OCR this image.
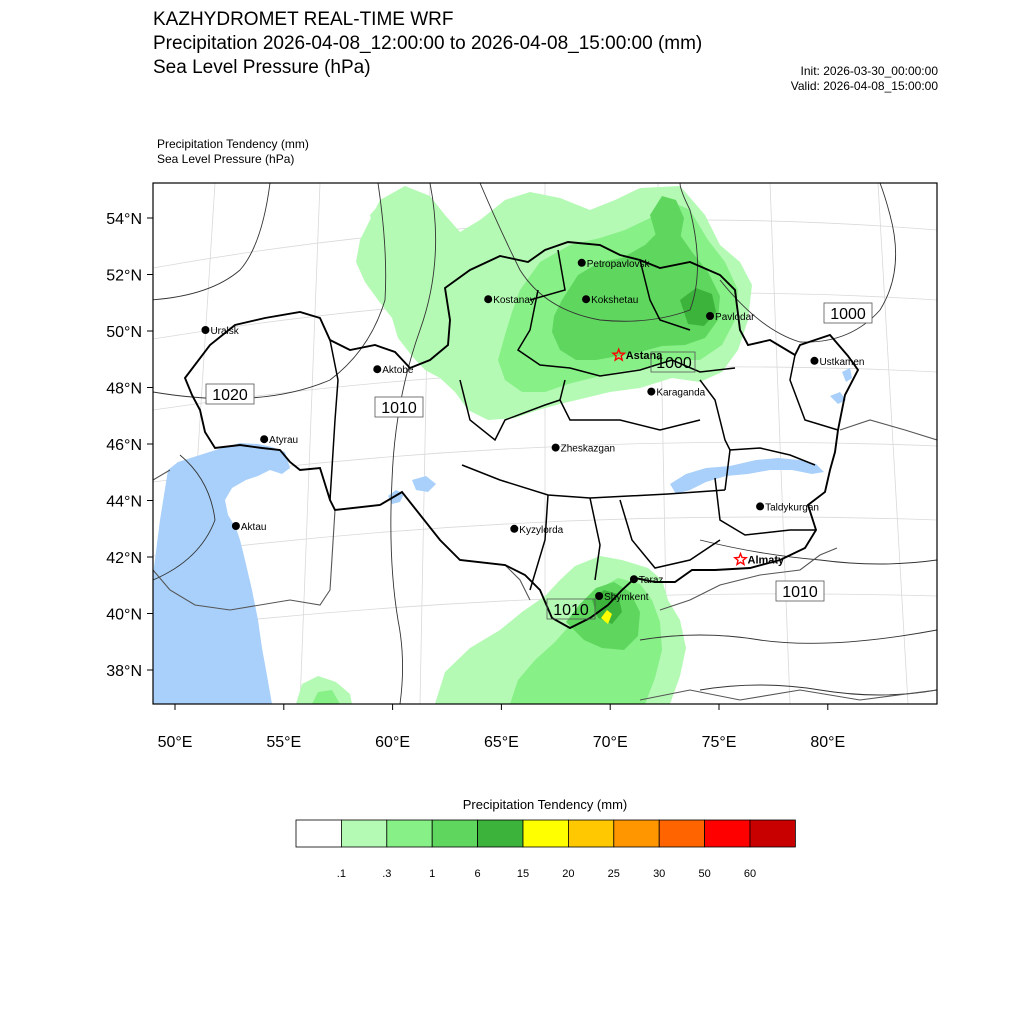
KAZHYDROMET REAL-TIME WRF
Precipitation 2026-04-08_12:00:00 to 2026-04-08_15:00:00 (mm)
Sea Level Pressure (hPa)	Init: 2026-03-30_00:00:00
Valid: 2026-04-08_15:00:00
Precipitation Tendency (mm)
Sea Level Pressure (hPa)
Petropavlovsk
Kostanay	Kokshetau
Pavlodar
Uralsk
Aktobe
Ustkamen
Karaganda
Atyrau
Zheskazgan
Taldykurgan
Kyzylorda
Aktau
Taraz
Shymkent
Astana
Almaty
1020
1010
1000
1000
1010
1010
54°N
52°N
50°N
48°N
46°N
44°N
42°N
40°N
38°N
50°E	55°E	60°E	65°E	70°E	75°E	80°E
Precipitation Tendency (mm)
.1	.3	1	6	15	20	25	30	50	60
